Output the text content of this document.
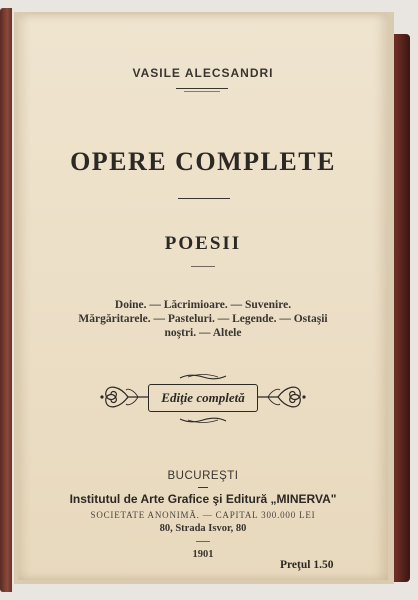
VASILE ALECSANDRI
OPERE COMPLETE
POESII
Doine. — Lăcrimioare. — Suvenire.
Mărgăritarele. — Pasteluri. — Legende. — Ostaşii
noştri. — Altele
Ediţie completă
BUCUREŞTI
Institutul de Arte Grafice şi Editură „MINERVA"
SOCIETATE ANONIMĂ. — CAPITAL 300.000 LEI
80, Strada Isvor, 80
1901
Preţul 1.50
